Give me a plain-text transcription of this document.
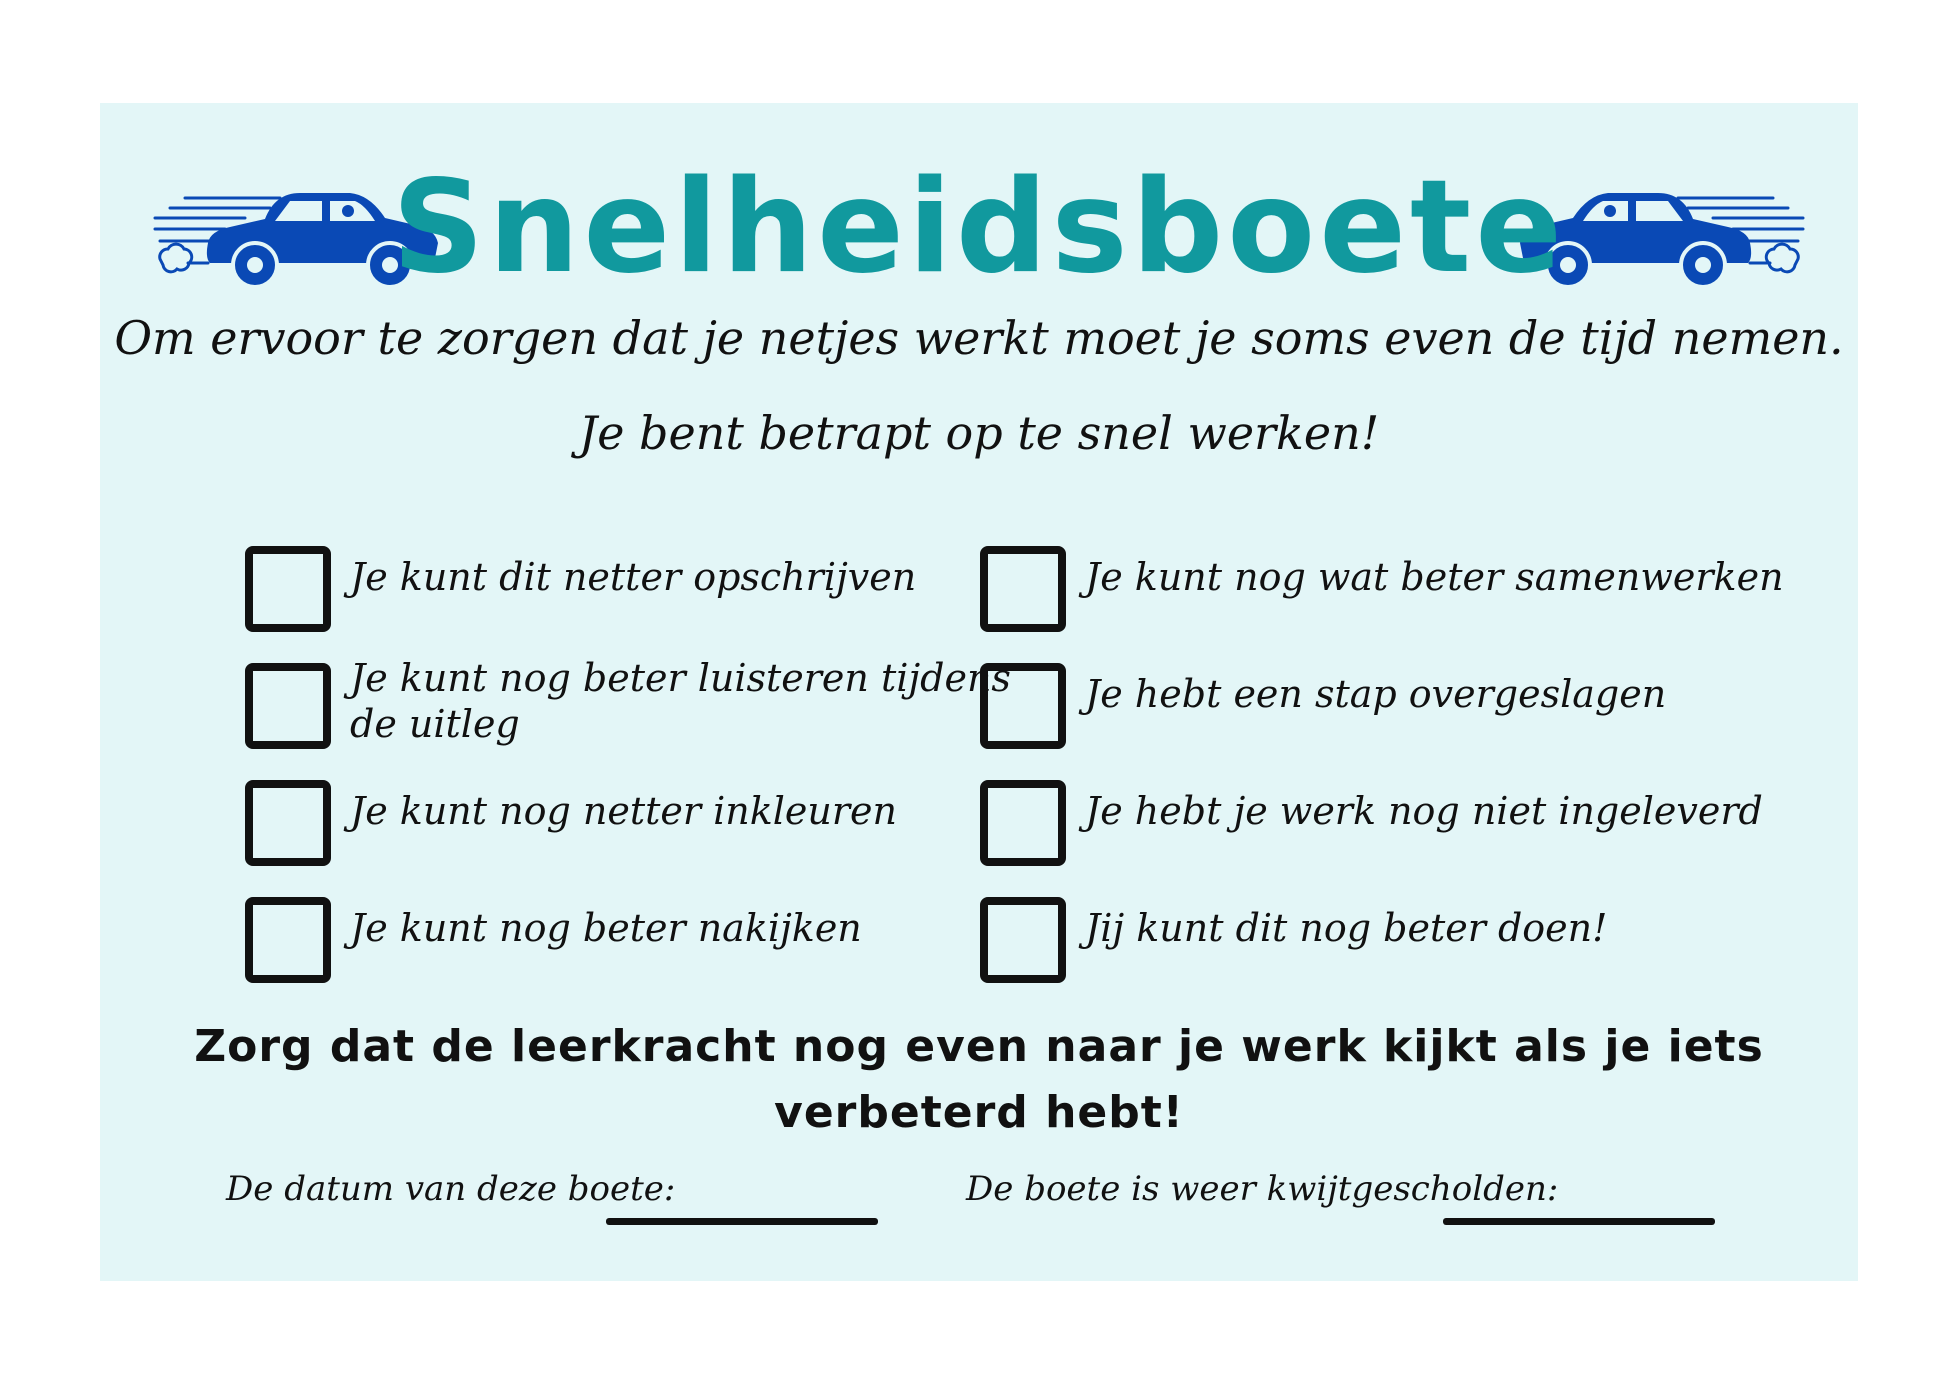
Snelheidsboete
Om ervoor te zorgen dat je netjes werkt moet je soms even de tijd nemen.
Je bent betrapt op te snel werken!
Je kunt dit netter opschrijven
Je kunt nog beter luisteren tijdens
de uitleg
Je kunt nog netter inkleuren
Je kunt nog beter nakijken
Je kunt nog wat beter samenwerken
Je hebt een stap overgeslagen
Je hebt je werk nog niet ingeleverd
Jij kunt dit nog beter doen!
Zorg dat de leerkracht nog even naar je werk kijkt als je iets
verbeterd hebt!
De datum van deze boete:	De boete is weer kwijtgescholden:
